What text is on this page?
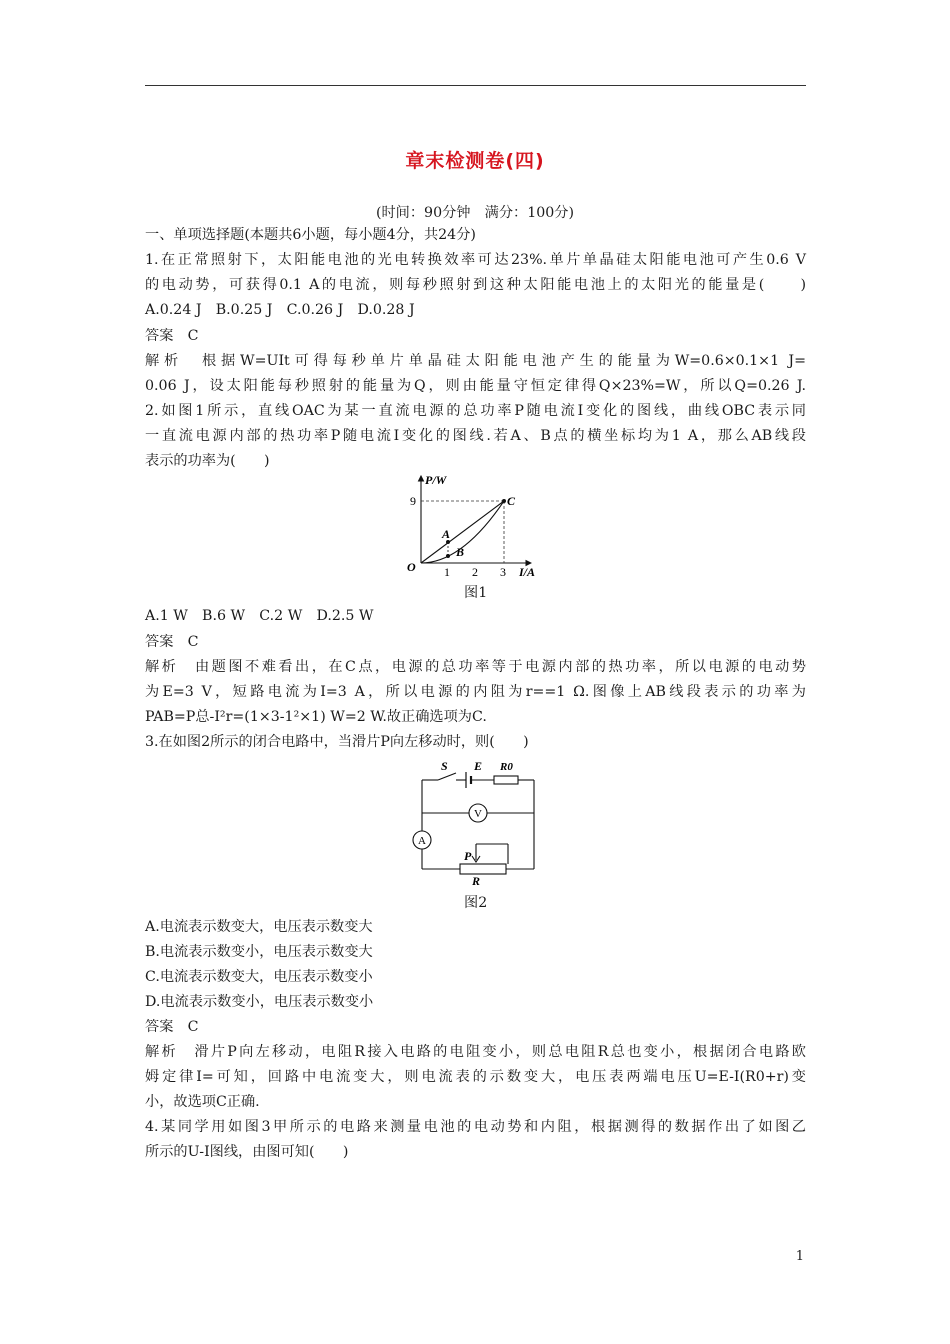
章末检测卷(四)
(时间：90分钟　满分：100分)
一、单项选择题(本题共6小题，每小题4分，共24分)
1.在正常照射下，太阳能电池的光电转换效率可达23%.单片单晶硅太阳能电池可产生0.6 V
的电动势，可获得0.1 A的电流，则每秒照射到这种太阳能电池上的太阳光的能量是(　　)
A.0.24 J　B.0.25 J　C.0.26 J　D.0.28 J
答案　C
解析　根据W=UIt可得每秒单片单晶硅太阳能电池产生的能量为W=0.6×0.1×1 J=
0.06 J，设太阳能每秒照射的能量为Q，则由能量守恒定律得Q×23%=W，所以Q=0.26 J.
2.如图1所示，直线OAC为某一直流电源的总功率P随电流I变化的图线，曲线OBC表示同
一直流电源内部的热功率P随电流I变化的图线.若A、B点的横坐标均为1 A，那么AB线段
表示的功率为(　　)
P/W
I/A
9
1 2 3
O
A
B
C
图1
A.1 W　B.6 W　C.2 W　D.2.5 W
答案　C
解析　由题图不难看出，在C点，电源的总功率等于电源内部的热功率，所以电源的电动势
为E=3 V，短路电流为I=3 A，所以电源的内阻为r==1 Ω.图像上AB线段表示的功率为
PAB=P总-I²r=(1×3-1²×1) W=2 W.故正确选项为C.
3.在如图2所示的闭合电路中，当滑片P向左移动时，则(　　)
S E R0
V
A
P
R
图2
A.电流表示数变大，电压表示数变大
B.电流表示数变小，电压表示数变大
C.电流表示数变大，电压表示数变小
D.电流表示数变小，电压表示数变小
答案　C
解析　滑片P向左移动，电阻R接入电路的电阻变小，则总电阻R总也变小，根据闭合电路欧
姆定律I=可知，回路中电流变大，则电流表的示数变大，电压表两端电压U=E-I(R0+r)变
小，故选项C正确.
4.某同学用如图3甲所示的电路来测量电池的电动势和内阻，根据测得的数据作出了如图乙
所示的U-I图线，由图可知(　　)
1
